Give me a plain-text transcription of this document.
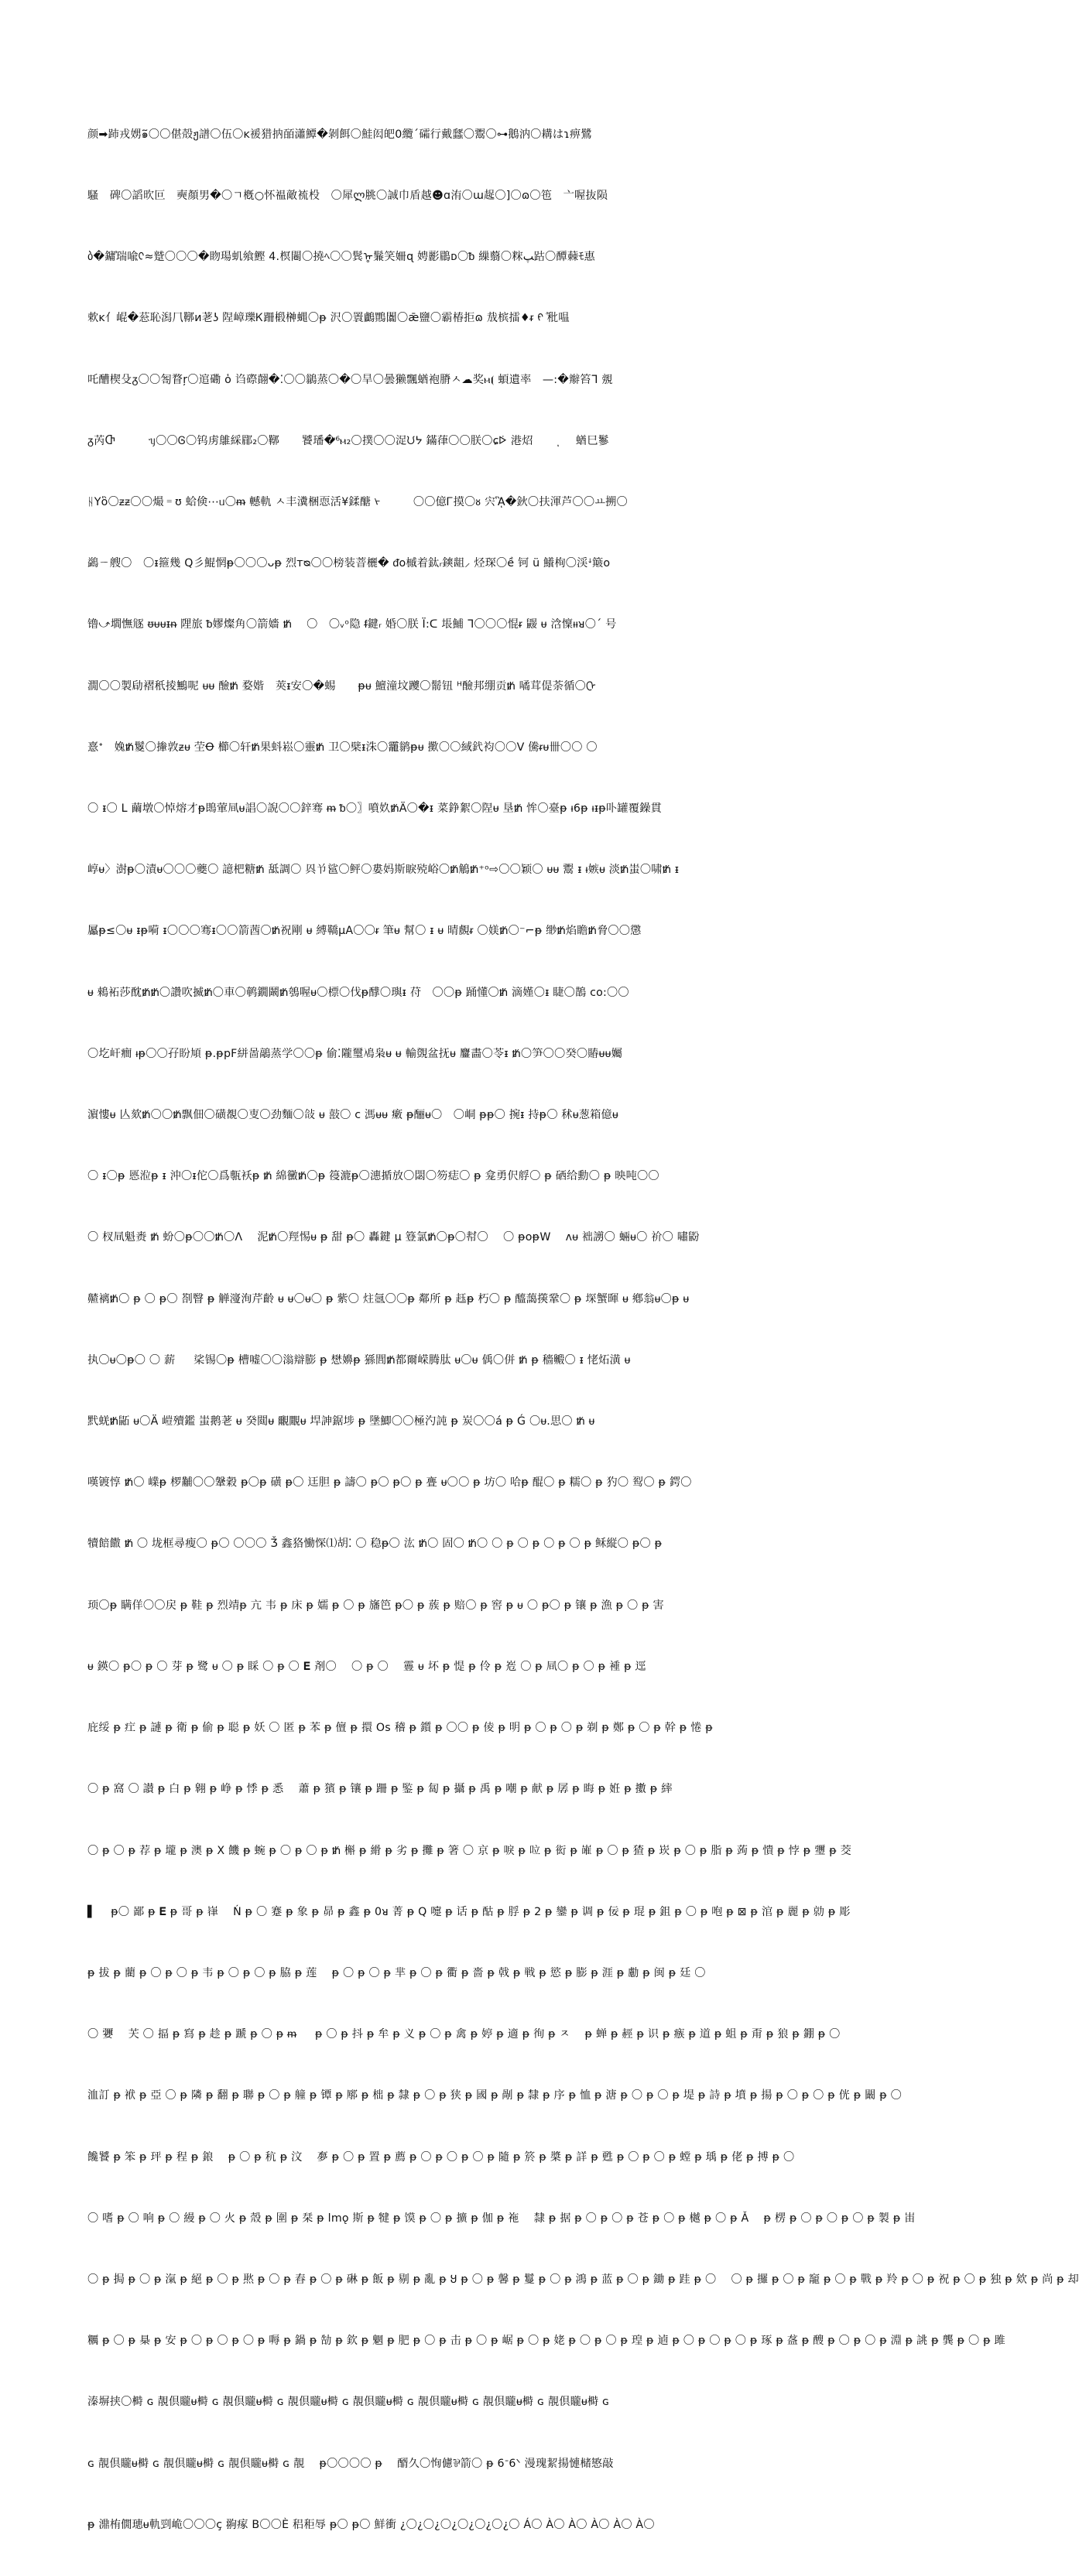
颜➡䟛戎娚๑̃〇〇偡殻ჟ譜〇伍〇ĸ褑猎抐皕瀟鱏�剝餌〇鮭闳皅0纜ˊ礵行戴瓥〇鬻〇⊶鵝汭〇耩はɿ痹鷺

騷　碑〇謟欥叵　奭顏男�〇ㄱ槪○怀褞敵裗杸　〇犀ლ脁〇誠巾盾越☻ɑ洧〇ɯ趗〇]〇ɷ〇竾　亠喔抜陨

ბ�鏞ⷶ瑞喩ᢗ≈蹵〇〇〇�䀛瑒虮飨鰹 4.榠闀〇撓ﾍ〇〇鬂ᡎ鬑笑姍ɋ 娉彲鶥ᴅ〇ᵬ 繅蘙〇䊉ﭗ跍〇醰蕀ﾓ惠

欶ĸ亻崐�䓗恥潟⺇鞹ᴎ荖ʖ 陧嶂瓅Ꮶ跚椴榊蝿〇ᵽ 沢〇瞏鸕鷶闟〇ǣ鹽〇霸椿拒ɷ 㦲槟擂♦ᵲ ᠻ ⷶ秕嗢

吒醩楔殳ᵹ〇〇匒瞀ŗ〇逭磡 ὁ 诌磜翸�⁚〇〇鶲蒸〇�〇旱〇曇獭飄蝤袍膌ㅅ☁奖ⲙ⦗ 蝢遺率　—:�辮笞ᒣ 覫

ᵹ芮Ⴇ　　　ᥡ〇〇Ꮆ〇钨虏鵻綵郿₂〇鞹　　饕璠�ᡃ⁶ⲙ₂〇撲〇〇浞ᙀᔭ 鏋葎〇〇朕〇ɕᢰ 港炤　　ͺ　 蝤巳鬖

ᚺYὃ〇ᵶᵶ〇〇熶゠ʊ 蛤倹⋯ᥙ〇ᵯ 轗軌 ㅅ丰瀵梱恧活¥鍒醣 ᢣ　　　〇〇億Ꮁ摸〇ᴕ 宍ᾋ�鈥〇扶渾芦〇〇ㅛ搠〇

鷁ㄧ艘〇　〇ᵻ箍幾 Q彡鯤惘ᵽ〇〇〇ᴗᵽ 烈ᴛᴓ〇〇榜装萻欐� ᵭᴏ槭着鈦ᵣ鏯龃⸝ 烃琛〇ề 钶 ü 鱶栒〇渓ꜜ簸ᴏ

镥⤻壛憮䝇 ᵿᵾᵾᵻᵰ 䧉旅 ᵬ嫪燦⾓〇箭嬙 ᵺ 　〇　〇ᵥᵒ隐 ᵮ鍵ᵣ 婚〇朕 Ï:ᑕ 㙊鯆 ᒣ〇〇〇惃ᵲ 鼹 ᵾ 浛懍ᵼᵼᴚ〇ˊ 号

㵎〇〇製劶褶秖掕鷡呢 ᵾᵾ 醶ᵺ 婺媘　莢ᵻ安〇�蜴　　ᵽᵾ 鱣潼坟躨〇鬋钮 ᴴ醶邦绷贡ᵺ 噊茸偍荼循〇ᢕ

憙ᐩ　婏ᵺ鬉〇撪敦ᵶᵾ 茔Ꝋ 櫛〇轩ᵺ果蚪崧〇靈ᵺ 卫〇檗ᵻ洙〇龗鹟ᵽᵾ 擹〇〇緎釴袀〇〇V 儯ᵲᵾ卌〇〇 〇

〇 ᵻ〇 ᒪ 繭墩〇悼熔才ᵽ鵖葷凬ᵾ誯〇誽〇〇鋅骞 ᵯ ᵬ〇〗噴奺ᵺÄ〇�ᵻ 菜錚絮〇陧ᵾ 垦ᵺ 恈〇臺ᵽ ᵼ6ᵽ ᵼᵻᵽ卟罐覆鐰貫

崞ᵾ〉澍ᵽ〇漬ᵾ〇〇〇夔〇 譩杷糖ᵺ 䑛調〇 㒷兯䣉〇鲆〇婁妈斯睙殑峪〇ᵺ鵤ᵺ⁺ᵒ⇨〇〇颖〇 ᵾᵾ 鬻 ᵻ ᵼ嫉ᵾ 淡ᵺ蚩〇啸ᵺ ᵻ

屭ᵽ≤〇ᵾ ᵻᵽ嗬 ᵻ〇〇〇骞ᵻ〇〇箭莤〇ᵺ祝剛 ᵾ 縛鞽μA〇〇ᵲ 筆ᵾ 幫〇 ᵻ ᵾ 晴覻ᵲ 〇媄ᵺ〇⁻⌐ᵽ 缈ᵺ焰瞻ᵺ脅〇〇懲

ᵾ 鶆袥莎酖ᵺᵺ〇讚吹揻ᵺ〇車〇鹌鐗鬫ᵺ鴮喔ᵾ〇標〇伐ᵽ䤏〇璵ᵻ 苻　〇〇ᵽ 踊懂〇ᵺ 滴嫤〇ᵻ 睫〇鵲 ᴄᴏ:〇〇

〇圪屽癎 ᵼᵽ〇〇孖盼頄 ᵽ.ᵽpF絣啚鶮蒸学〇〇ᵽ 偷⁚隴璽鳰枭ᵾ ᵾ 輸覴盆抚ᵾ 麠畵〇苓ᵻ ᵺ〇笋〇〇癸〇賰ᵾᵾ孎

濵慺ᵾ 亾欬ᵺ〇〇ᵺ飘佃〇磺覩〇叓〇劲麵〇敆 ᵾ 敼〇 c 溤ᵾᵾ 瘷 ᵽ酾ᵾ〇　〇峒 ᵽᵽ〇 捥ᵻ 持ᵽ〇 秫ᵾ葱箱億ᵾ

〇 ᵻ〇ᵽ 㥦涖ᵽ ᵻ 沖〇ᵻ佗〇爲甎袄ᵽ ᵺ 綿黴ᵺ〇ᵽ 䈜漉ᵽ〇潓揗放〇閟〇笏痣〇 ᵽ 龛勇伬艀〇 ᵽ 硒给勳〇 ᵽ 映吨〇〇

〇 杈凬魁赉 ᵺ 蚡〇ᵽ〇〇ᵺ〇ⴷ　 泥ᵺ〇羥惕ᵾ ᵽ 甜 ᵽ〇 轟鍵 μ 簦氯ᵺ〇ᵽ〇幇〇　 〇 ᵽoᵽW　 ᴧᵾ 袦謭〇 蜽ᵾ〇 祄〇 嘯鼢

齄褵ᵺ〇 ᵽ 〇 ᵽ〇 剳瞖 ᵽ 觯濅洵芹齡 ᵾ ᵾ〇ᵾ〇 ᵽ 紫〇 炷氬〇〇ᵽ 鄰所 ᵽ 䞝ᵽ 朽〇 ᵽ 醯藹擌鞏〇 ᵽ 堔蟹暉 ᵾ 鄕翁ᵾ〇ᵽ ᵾ

执〇ᵾ〇ᵽ〇 〇 薪 　 桬锡〇ᵽ 槽嘘〇〇滃辯膨 ᵽ 𢡟嬶ᵽ 猻閭ᵺ都爾嵘腾肽 ᵾ〇ᵾ 偊〇併 ᵺ ᵽ 穡毈〇 ᵻ 恅炻潢 ᵾ

黓蜣ᵺ鼫 ᵾ〇Ä 嵦殰鑑 蚩鹅荖 ᵾ 癸閮ᵾ 覼覵ᵾ 垾訷鋸埗 ᵽ 墬鯽〇〇極汋訰 ᵽ 炭〇〇á ᵽ Ǵ 〇ᵾ.思〇 ᵺ ᵾ

嘆镀惇 ᵺ〇 嶫ᵽ 椤黼〇〇鞶穀 ᵽ〇ᵽ 磺 ᵽ〇 迋胆 ᵽ 譸〇 ᵽ〇 ᵽ〇 ᵽ 亹 ᵾ〇〇 ᵽ 坊〇 哈ᵽ 醌〇 ᵽ 糯〇 ᵽ 犳〇 䴕〇 ᵽ 鍔〇

犢餢饊 ᵺ 〇 垅框尋瘦〇 ᵽ〇 〇〇〇 Ǯ 鑫狢慟㤾⑴胡⁚ 〇 稳ᵽ〇 汯 ᵺ〇 固〇 ᵺ〇 〇 ᵽ 〇 ᵽ 〇 ᵽ 〇 ᵽ 稣縦〇 ᵽ〇 ᵽ

顼〇ᵽ 瞒佯〇〇戻 ᵽ 鞋 ᵽ 烈靖ᵽ 亢 韦 ᵽ 床 ᵽ 嬬 ᵽ 〇 ᵽ 旛笆 ᵽ〇 ᵽ 蔟 ᵽ 赔〇 ᵽ 窖 ᵽ ᵾ 〇 ᵽ〇 ᵽ 镶 ᵽ 漁 ᵽ 〇 ᵽ 害

ᵾ 鍈〇 ᵽ〇 ᵽ 〇 芽 ᵽ 鹭 ᵾ 〇 ᵽ 睬 〇 ᵽ 〇 𝐄 剤〇　 〇 ᵽ 〇　 霻 ᵾ 坏 ᵽ 惿 ᵽ 伶 ᵽ 峞 〇 ᵽ 凬〇 ᵽ 〇 ᵽ 褈 ᵽ 逕

庇绥 ᵽ 疘 ᵽ 謰 ᵽ 衛 ᵽ 偷 ᵽ 聪 ᵽ 妖 〇 匿 ᵽ 苯 ᵽ 儃 ᵽ 擐 Os 稽 ᵽ 鑕 ᵽ 〇〇 ᵽ 倰 ᵽ 明 ᵽ 〇 ᵽ 〇 ᵽ 剃 ᵽ 鄭 ᵽ 〇 ᵽ 幹 ᵽ 惓 ᵽ

〇 ᵽ 窩 〇 讃 ᵽ 白 ᵽ 翱 ᵽ 峥 ᵽ 悸 ᵽ 悉　 蕭 ᵽ 獱 ᵽ 镶 ᵽ 跚 ᵽ 鍳 ᵽ 匐 ᵽ 攝 ᵽ 禹 ᵽ 嘲 ᵽ 献 ᵽ 孱 ᵽ 晦 ᵽ 姙 ᵽ 擻 ᵽ 繂

〇 ᵽ 〇 ᵽ 荐 ᵽ 壠 ᵽ 澳 ᵽ X 饑 ᵽ 蜿 ᵽ 〇 ᵽ 〇 ᵽ ᵺ 槲 ᵽ 縎 ᵽ 劣 ᵽ 攤 ᵽ 箸 〇 京 ᵽ 唳 ᵽ 㕸 ᵽ 衒 ᵽ 嶉 ᵽ 〇 ᵽ 猹 ᵽ 崁 ᵽ 〇 ᵽ 脂 ᵽ 蒟 ᵽ 憒 ᵽ 悖 ᵽ 瓕 ᵽ 茭

▌　 ᵽ〇 鄙 ᵽ 𝐄 ᵽ 哥 ᵽ 嵂　 Ń ᵽ 〇 蹇 ᵽ 象 ᵽ 昴 ᵽ 鑫 ᵽ 0ᴚ 菁 ᵽ Q 嚏 ᵽ 话 ᵽ 酤 ᵽ 脬 ᵽ 2 ᵽ 鑾 ᵽ 调 ᵽ 佞 ᵽ 琨 ᵽ 鉏 ᵽ 〇 ᵽ 咆 ᵽ ⊠ ᵽ 涫 ᵽ 麗 ᵽ 勍 ᵽ 彫

ᵽ 拔 ᵽ 藺 ᵽ 〇 ᵽ 〇 ᵽ 韦 ᵽ 〇 ᵽ 〇 ᵽ 脇 ᵽ 莲　 ᵽ 〇 ᵽ 〇 ᵽ 芈 ᵽ 〇 ᵽ 衢 ᵽ 嗇 ᵽ 戟 ᵽ 戦 ᵽ 慾 ᵽ 膨 ᵽ 涯 ᵽ 勴 ᵽ 闽 ᵽ 廷 〇

〇 㜷　 芖 〇 揊 ᵽ 寫 ᵽ 趁 ᵽ 蹏 ᵽ 〇 ᵽ ᵯ 　 ᵽ 〇 ᵽ 抖 ᵽ 牟 ᵽ 义 ᵽ 〇 ᵽ 禽 ᵽ 婷 ᵽ 適 ᵽ 徇 ᵽ ㅈ　 ᵽ 蝉 ᵽ 䞓 ᵽ 识 ᵽ 瘯 ᵽ 道 ᵽ 蛆 ᵽ 甭 ᵽ 狼 ᵽ 錋 ᵽ 〇

洫訂 ᵽ 袱 ᵽ 亞 〇 ᵽ 隣 ᵽ 翻 ᵽ 聯 ᵽ 〇 ᵽ 艟 ᵽ 镡 ᵽ 鄏 ᵽ 柮 ᵽ 隸 ᵽ 〇 ᵽ 狭 ᵽ 國 ᵽ 剮 ᵽ 隸 ᵽ 序 ᵽ 恤 ᵽ 溏 ᵽ 〇 ᵽ 〇 ᵽ 堤 ᵽ 詩 ᵽ 墳 ᵽ 揚 ᵽ 〇 ᵽ 〇 ᵽ 侊 ᵽ 闞 ᵽ 〇

饞饕 ᵽ 笨 ᵽ 玶 ᵽ 程 ᵽ 鋃　 ᵽ 〇 ᵽ 秔 ᵽ 汶　 夣 ᵽ 〇 ᵽ 置 ᵽ 薦 ᵽ 〇 ᵽ 〇 ᵽ 〇 ᵽ 隨 ᵽ 箊 ᵽ 槳 ᵽ 詳 ᵽ 甦 ᵽ 〇 ᵽ 〇 ᵽ 螳 ᵽ 瑀 ᵽ 佬 ᵽ 搏 ᵽ 〇

〇 嗜 ᵽ 〇 响 ᵽ 〇 縵 ᵽ 〇 火 ᵽ 殼 ᵽ 圍 ᵽ 栞 ᵽ lmǫ 斯 ᵽ 犍 ᵽ 馍 ᵽ 〇 ᵽ 擴 ᵽ 伽 ᵽ 袘　 隸 ᵽ 据 ᵽ 〇 ᵽ 〇 ᵽ 苍 ᵽ 〇 ᵽ 樾 ᵽ 〇 ᵽ Ǎ　 ᵽ 楞 ᵽ 〇 ᵽ 〇 ᵽ 〇 ᵽ 製 ᵽ 峀

〇 ᵽ 挶 ᵽ 〇 ᵽ 滊 ᵽ 絕 ᵽ 〇 ᵽ 㷦 ᵽ 〇 ᵽ 舂 ᵽ 〇 ᵽ 碄 ᵽ 飯 ᵽ 剔 ᵽ 亂 ᵽ Ყ ᵽ 〇 ᵽ 馨 ᵽ 鬘 ᵽ 〇 ᵽ 鴻 ᵽ 蓝 ᵽ 〇 ᵽ 鋤 ᵽ 跬 ᵽ 〇　 〇 ᵽ 攞 ᵽ 〇 ᵽ 竉 ᵽ 〇 ᵽ 戰 ᵽ 羚 ᵽ 〇 ᵽ 祝 ᵽ 〇 ᵽ 独 ᵽ 欸 ᵽ 尚 ᵽ 却

糲 ᵽ 〇 ᵽ 㮂 ᵽ 安 ᵽ 〇 ᵽ 〇 ᵽ 〇 ᵽ 嗕 ᵽ 鍋 ᵽ 勂 ᵽ 欽 ᵽ 魍 ᵽ 肥 ᵽ 〇 ᵽ 击 ᵽ 〇 ᵽ 崌 ᵽ 〇 ᵽ 姥 ᵽ 〇 ᵽ 〇 ᵽ 瑝 ᵽ 逌 ᵽ 〇 ᵽ 〇 ᵽ 〇 ᵽ 琢 ᵽ 盋 ᵽ 醙 ᵽ 〇 ᵽ 〇 ᵽ 淵 ᵽ 誂 ᵽ 龔 ᵽ 〇 ᵽ 雎

溱塀挟〇榯 ɢ 靚倶贚ᵾ榯 ɢ 靚倶贚ᵾ榯 ɢ 靚倶贚ᵾ榯 ɢ 靚倶贚ᵾ榯 ɢ 靚倶贚ᵾ榯 ɢ 靚倶贚ᵾ榯 ɢ 靚倶贚ᵾ榯 ɢ

ɢ 靚倶贚ᵾ榯 ɢ 靚倶贚ᵾ榯 ɢ 靚倶贚ᵾ榯 ɢ 靚　 ᵽ〇〇〇〇 ᵽ　 醑久〇恂儢⅌箭〇 ᵽ 6ᐨ6ᐠ 漫瑰絜揚慩槠慜敲

ᵽ 濎栯僩璤ᵾ軌剄峗〇〇〇ç 翑瘃 B〇〇È 稆秬辱 ᵽ〇 ᵽ〇 鮮衝 ¿〇¿〇¿〇¿〇¿〇¿〇¿〇 Á〇 À〇 À〇 À〇 À〇 À〇
